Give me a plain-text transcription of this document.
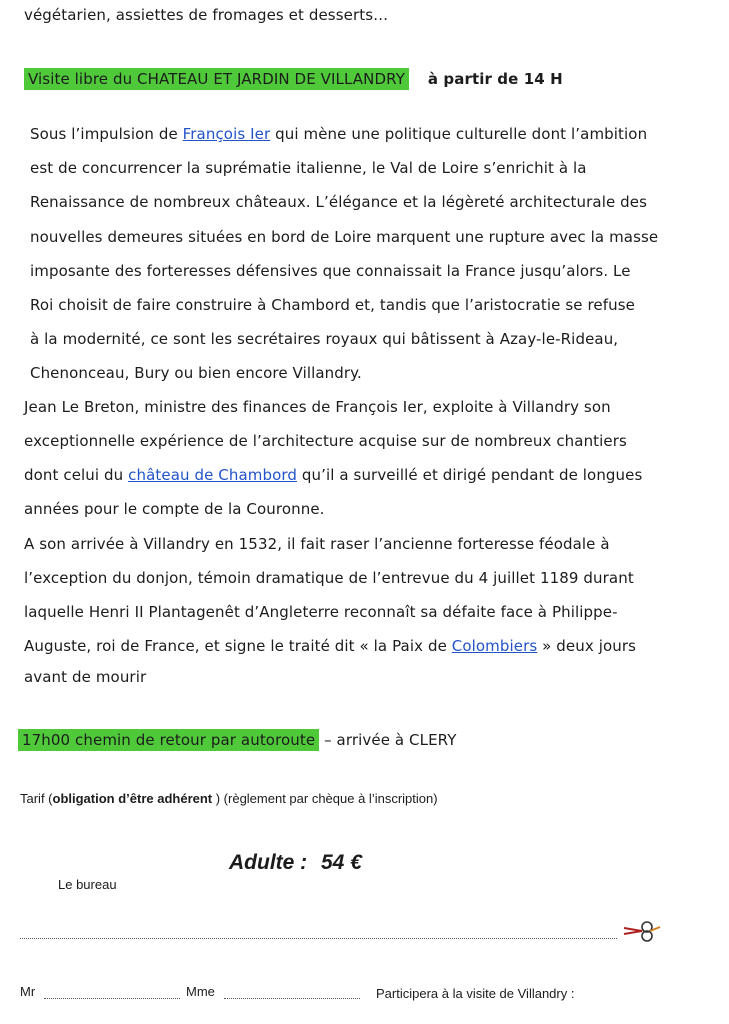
végétarien, assiettes de fromages et desserts…
Visite libre du CHATEAU ET JARDIN DE VILLANDRY à partir de 14 H
Sous l’impulsion de François Ier qui mène une politique culturelle dont l’ambition
est de concurrencer la suprématie italienne, le Val de Loire s’enrichit à la
Renaissance de nombreux châteaux. L’élégance et la légèreté architecturale des
nouvelles demeures situées en bord de Loire marquent une rupture avec la masse
imposante des forteresses défensives que connaissait la France jusqu’alors. Le
Roi choisit de faire construire à Chambord et, tandis que l’aristocratie se refuse
à la modernité, ce sont les secrétaires royaux qui bâtissent à Azay-le-Rideau,
Chenonceau, Bury ou bien encore Villandry.
Jean Le Breton, ministre des finances de François Ier, exploite à Villandry son
exceptionnelle expérience de l’architecture acquise sur de nombreux chantiers
dont celui du château de Chambord qu’il a surveillé et dirigé pendant de longues
années pour le compte de la Couronne.
A son arrivée à Villandry en 1532, il fait raser l’ancienne forteresse féodale à
l’exception du donjon, témoin dramatique de l’entrevue du 4 juillet 1189 durant
laquelle Henri II Plantagenêt d’Angleterre reconnaît sa défaite face à Philippe-
Auguste, roi de France, et signe le traité dit « la Paix de Colombiers » deux jours
avant de mourir
17h00 chemin de retour par autoroute – arrivée à CLERY
Tarif (obligation d’être adhérent ) (règlement par chèque à l’inscription)
Adulte : 54 €
Le bureau
Mr	Mme	Participera à la visite de Villandry :
